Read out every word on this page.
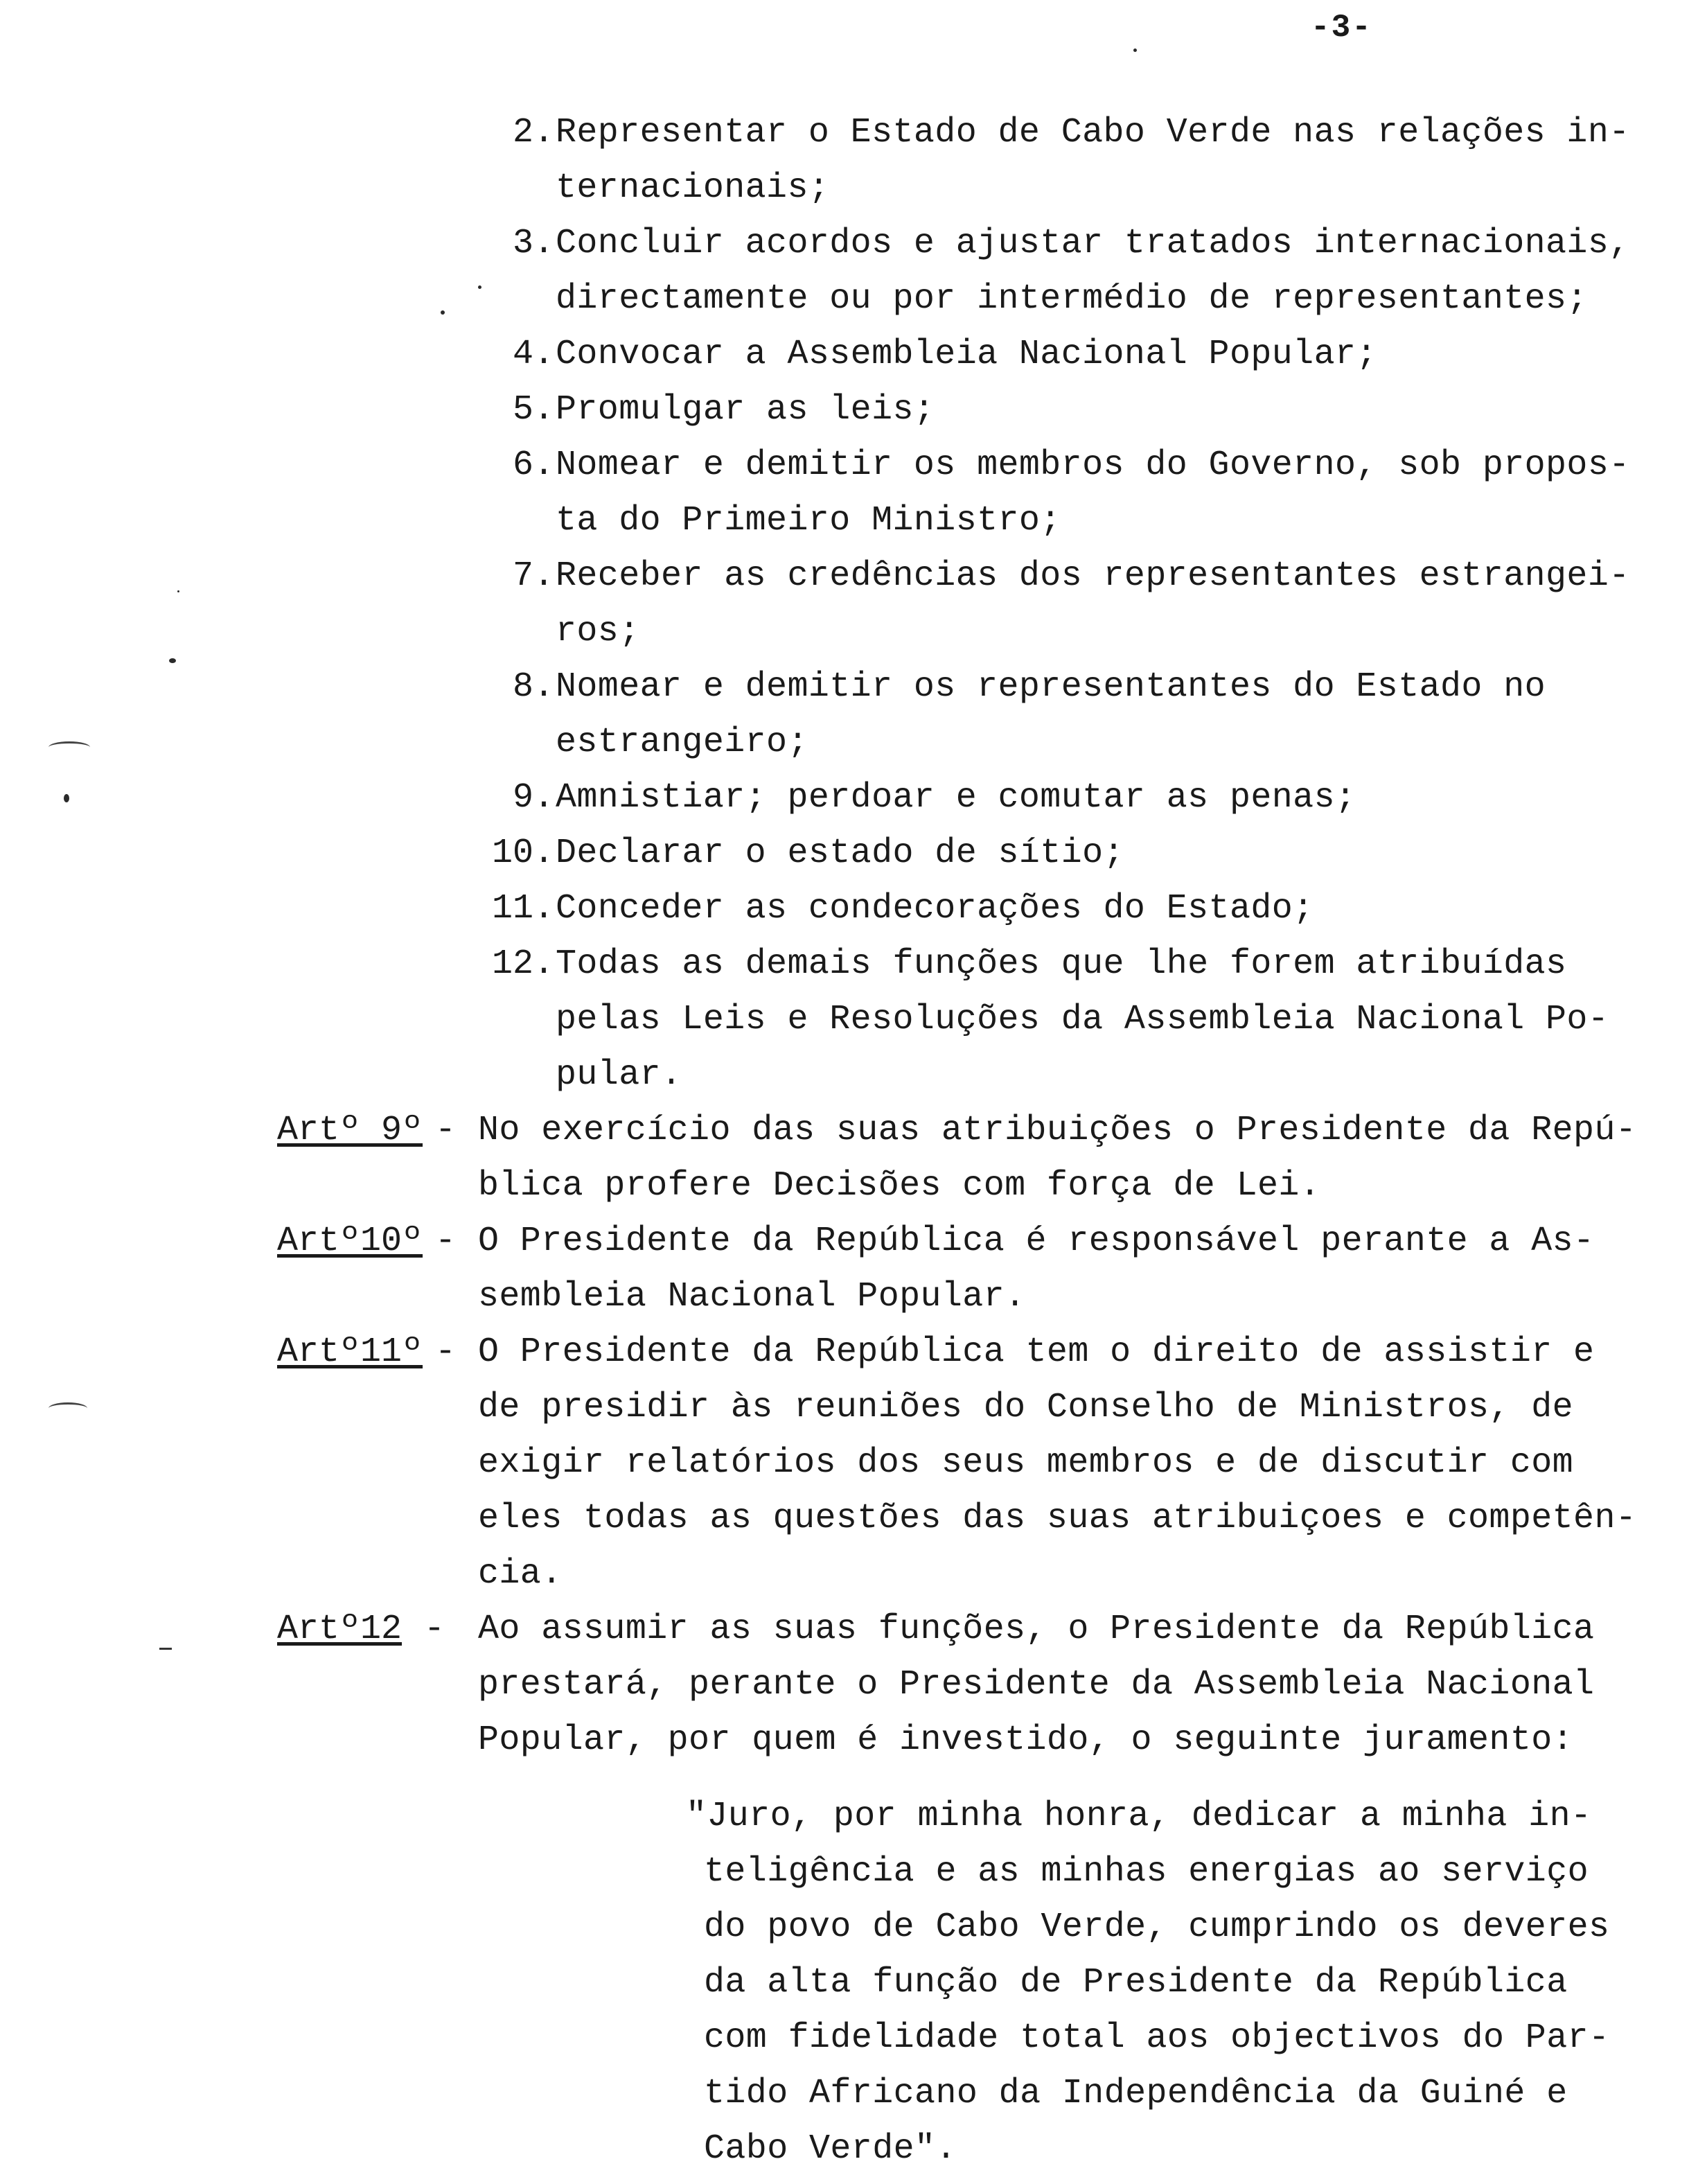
-3-
2. Representar o Estado de Cabo Verde nas relações in-
ternacionais;
3. Concluir acordos e ajustar tratados internacionais,
directamente ou por intermédio de representantes;
4. Convocar a Assembleia Nacional Popular;
5. Promulgar as leis;
6. Nomear e demitir os membros do Governo, sob propos-
ta do Primeiro Ministro;
7. Receber as credências dos representantes estrangei-
ros;
8. Nomear e demitir os representantes do Estado no
estrangeiro;
9. Amnistiar; perdoar e comutar as penas;
10. Declarar o estado de sítio;
11. Conceder as condecorações do Estado;
12. Todas as demais funções que lhe forem atribuídas
pelas Leis e Resoluções da Assembleia Nacional Po-
pular.
Artº 9º - No exercício das suas atribuições o Presidente da Repú-
blica profere Decisões com força de Lei.
Artº10º - O Presidente da República é responsável perante a As-
sembleia Nacional Popular.
Artº11º - O Presidente da República tem o direito de assistir e
de presidir às reuniões do Conselho de Ministros, de
exigir relatórios dos seus membros e de discutir com
eles todas as questões das suas atribuiçoes e competên-
cia.
Artº12 - Ao assumir as suas funções, o Presidente da República
prestará, perante o Presidente da Assembleia Nacional
Popular, por quem é investido, o seguinte juramento:
"Juro, por minha honra, dedicar a minha in-
teligência e as minhas energias ao serviço
do povo de Cabo Verde, cumprindo os deveres
da alta função de Presidente da República
com fidelidade total aos objectivos do Par-
tido Africano da Independência da Guiné e
Cabo Verde".
